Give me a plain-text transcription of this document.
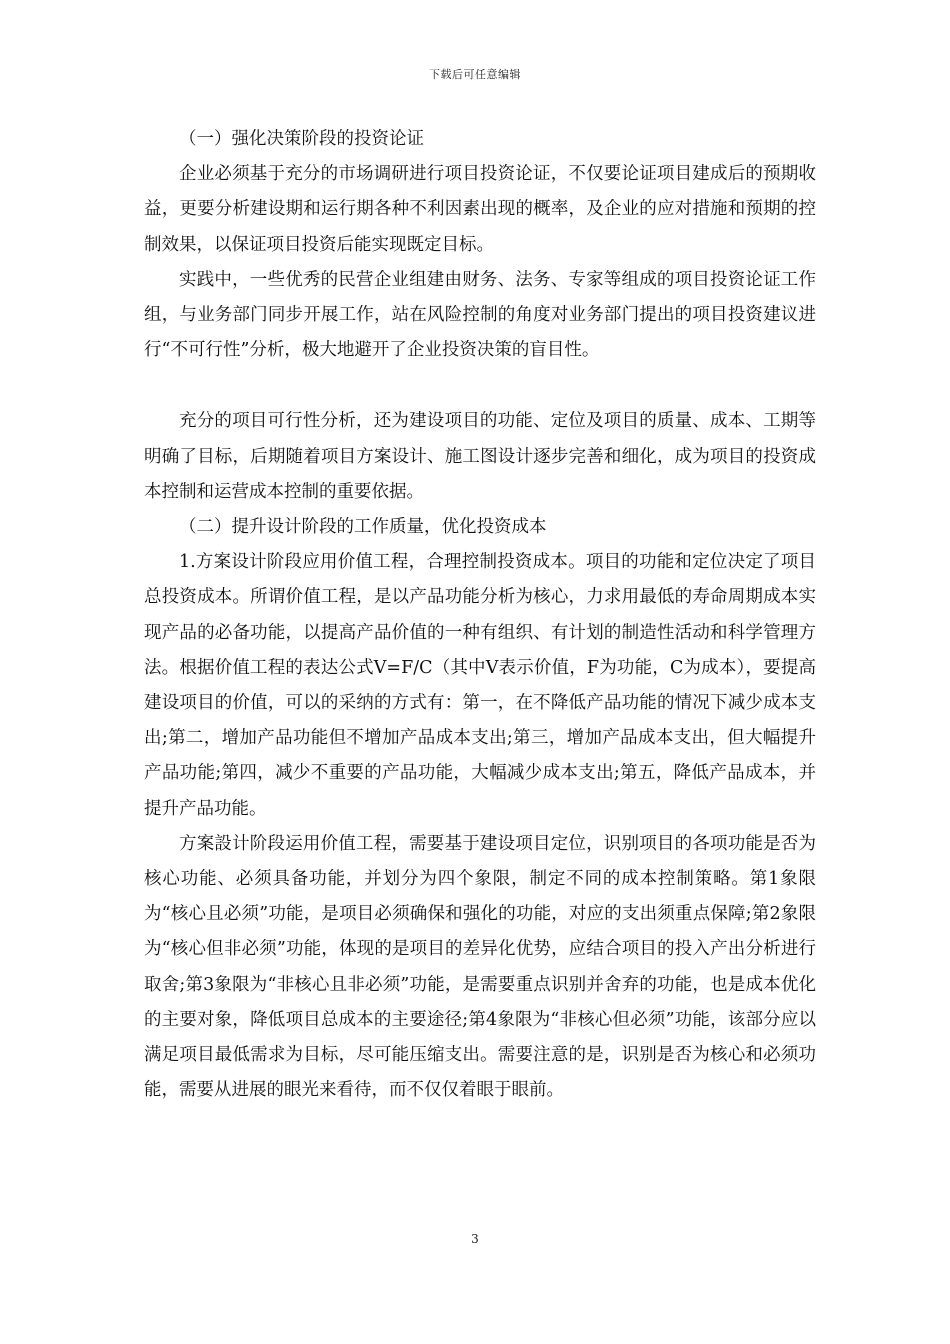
下载后可任意编辑

（一）强化决策阶段的投资论证

企业必须基于充分的市场调研进行项目投资论证，不仅要论证项目建成后的预期收益，更要分析建设期和运行期各种不利因素出现的概率，及企业的应对措施和预期的控制效果，以保证项目投资后能实现既定目标。

实践中，一些优秀的民营企业组建由财务、法务、专家等组成的项目投资论证工作组，与业务部门同步开展工作，站在风险控制的角度对业务部门提出的项目投资建议进行“不可行性”分析，极大地避开了企业投资决策的盲目性。

充分的项目可行性分析，还为建设项目的功能、定位及项目的质量、成本、工期等明确了目标，后期随着项目方案设计、施工图设计逐步完善和细化，成为项目的投资成本控制和运营成本控制的重要依据。

（二）提升设计阶段的工作质量，优化投资成本

1.方案设计阶段应用价值工程，合理控制投资成本。项目的功能和定位决定了项目总投资成本。所谓价值工程，是以产品功能分析为核心，力求用最低的寿命周期成本实现产品的必备功能，以提高产品价值的一种有组织、有计划的制造性活动和科学管理方法。根据价值工程的表达公式V=F/C（其中V表示价值，F为功能，C为成本），要提高建设项目的价值，可以的采纳的方式有：第一，在不降低产品功能的情况下减少成本支出;第二，增加产品功能但不增加产品成本支出;第三，增加产品成本支出，但大幅提升产品功能;第四，减少不重要的产品功能，大幅减少成本支出;第五，降低产品成本，并提升产品功能。

方案設计阶段运用价值工程，需要基于建设项目定位，识别项目的各项功能是否为核心功能、必须具备功能，并划分为四个象限，制定不同的成本控制策略。第1象限为“核心且必须”功能，是项目必须确保和强化的功能，对应的支出须重点保障;第2象限为“核心但非必须”功能，体现的是项目的差异化优势，应结合项目的投入产出分析进行取舍;第3象限为“非核心且非必须”功能，是需要重点识别并舍弃的功能，也是成本优化的主要对象，降低项目总成本的主要途径;第4象限为“非核心但必须”功能，该部分应以满足项目最低需求为目标，尽可能压缩支出。需要注意的是，识别是否为核心和必须功能，需要从进展的眼光来看待，而不仅仅着眼于眼前。

3
